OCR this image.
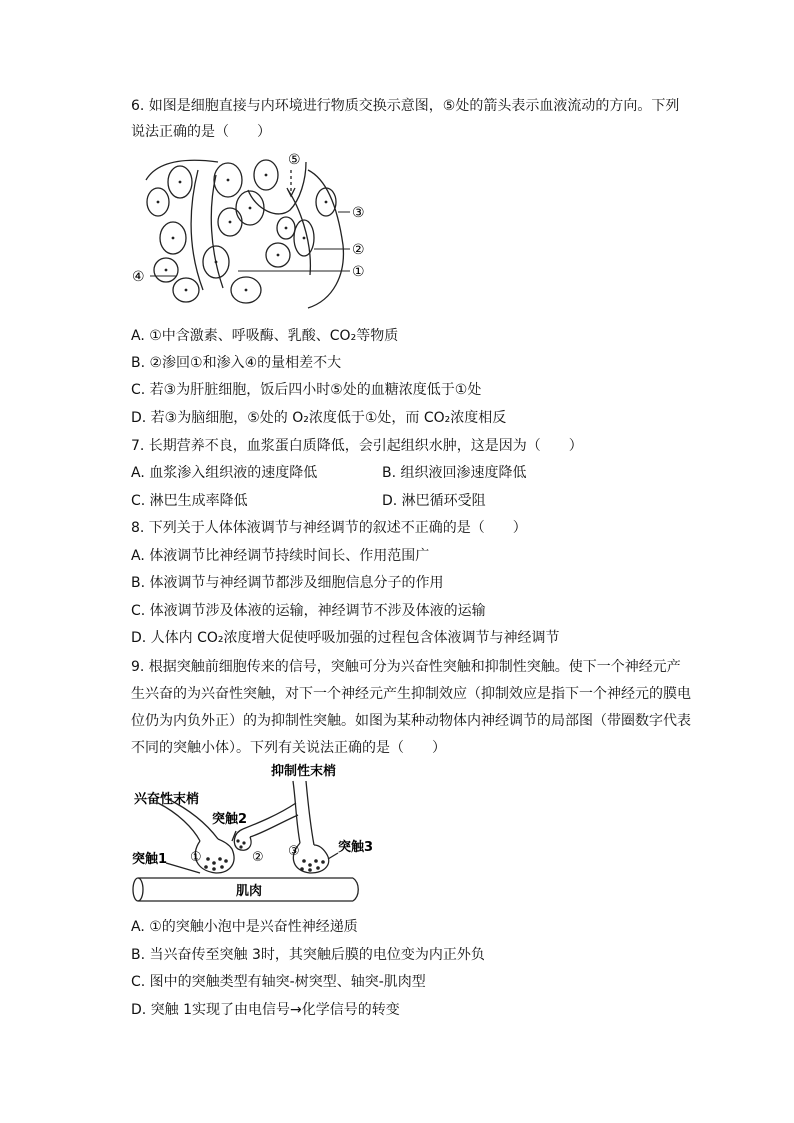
6. 如图是细胞直接与内环境进行物质交换示意图，⑤处的箭头表示血液流动的方向。下列
说法正确的是（　　）
⑤
③
②
①
④
A. ①中含激素、呼吸酶、乳酸、CO₂等物质
B. ②渗回①和渗入④的量相差不大
C. 若③为肝脏细胞，饭后四小时⑤处的血糖浓度低于①处
D. 若③为脑细胞，⑤处的 O₂浓度低于①处，而 CO₂浓度相反
7. 长期营养不良，血浆蛋白质降低，会引起组织水肿，这是因为（　　）
A. 血浆渗入组织液的速度降低	B. 组织液回渗速度降低
C. 淋巴生成率降低	D. 淋巴循环受阻
8. 下列关于人体体液调节与神经调节的叙述不正确的是（　　）
A. 体液调节比神经调节持续时间长、作用范围广
B. 体液调节与神经调节都涉及细胞信息分子的作用
C. 体液调节涉及体液的运输，神经调节不涉及体液的运输
D. 人体内 CO₂浓度增大促使呼吸加强的过程包含体液调节与神经调节
9. 根据突触前细胞传来的信号，突触可分为兴奋性突触和抑制性突触。使下一个神经元产
生兴奋的为兴奋性突触，对下一个神经元产生抑制效应（抑制效应是指下一个神经元的膜电
位仍为内负外正）的为抑制性突触。如图为某种动物体内神经调节的局部图（带圈数字代表
不同的突触小体）。下列有关说法正确的是（　　）
抑制性末梢
兴奋性末梢
突触2
突触1
突触3
①	② ③
肌肉
A. ①的突触小泡中是兴奋性神经递质
B. 当兴奋传至突触 3时，其突触后膜的电位变为内正外负
C. 图中的突触类型有轴突-树突型、轴突-肌肉型
D. 突触 1实现了由电信号→化学信号的转变
